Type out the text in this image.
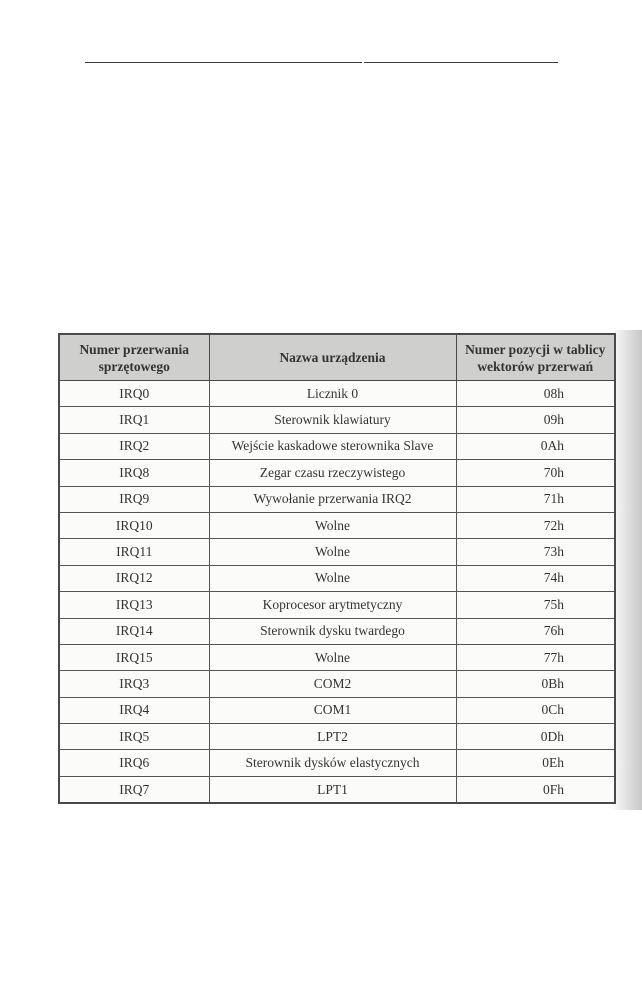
Numer przerwania sprzętowego	Nazwa urządzenia	Numer pozycji w tablicy wektorów przerwań
IRQ0	Licznik 0	08h
IRQ1	Sterownik klawiatury	09h
IRQ2	Wejście kaskadowe sterownika Slave	0Ah
IRQ8	Zegar czasu rzeczywistego	70h
IRQ9	Wywołanie przerwania IRQ2	71h
IRQ10	Wolne	72h
IRQ11	Wolne	73h
IRQ12	Wolne	74h
IRQ13	Koprocesor arytmetyczny	75h
IRQ14	Sterownik dysku twardego	76h
IRQ15	Wolne	77h
IRQ3	COM2	0Bh
IRQ4	COM1	0Ch
IRQ5	LPT2	0Dh
IRQ6	Sterownik dysków elastycznych	0Eh
IRQ7	LPT1	0Fh
